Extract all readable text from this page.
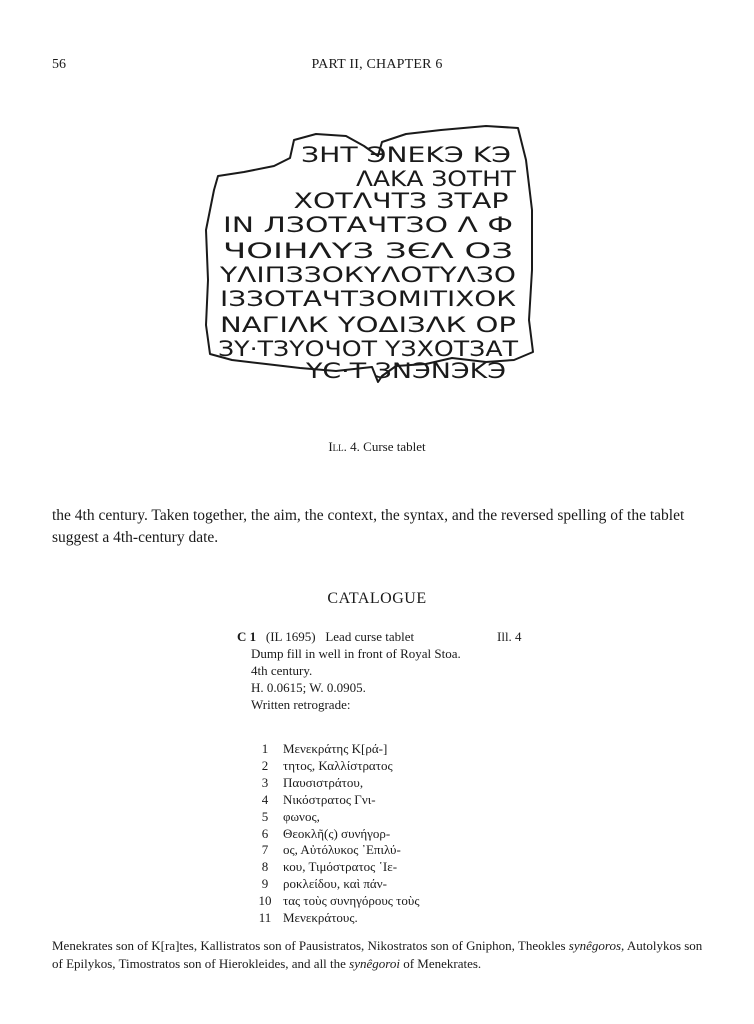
56	PART II, CHAPTER 6
ЗНТ ЭNEKЭ KЭ
ΛΑΚΑ ЗОТНТ
ХОТΛЧТЗ ЗТАР
ІN ЛЗОТАЧТЗО Λ Ф
ЧОІНΛΥЗ ЗЄΛ ОЗ
ΥΛΙΠЗЗОКΥΛОТΥΛЗО
ІЗЗОТАЧТЗОМІТІΧОК
NAГІΛК ΥОΔІЗΛК ОР
ЗΥ·ТЗΥОЧОТ ΥЗΧОТЗАТ
ΥС·Т ЗNЭNЭKЭ
Ill. 4. Curse tablet
the 4th century. Taken together, the aim, the context, the syntax, and the reversed spelling of the tablet suggest a 4th-century date.
CATALOGUE
C 1 (IL 1695) Lead curse tablet	Ill. 4
Dump fill in well in front of Royal Stoa.
4th century.
H. 0.0615; W. 0.0905.
Written retrograde:
1 Μενεκράτης Κ[ρά-]
2 τητος, Καλλίστρατος
3 Παυσιστράτου,
4 Νικόστρατος Γνι-
5 φωνος,
6 Θεοκλῆ(ς) συνήγορ-
7 ος, Αὐτόλυκος ᾿Επιλύ-
8 κου, Τιμόστρατος ῾Ιε-
9 ροκλείδου, καὶ πάν-
10 τας τοὺς συνηγόρους τοὺς
11 Μενεκράτους.
Menekrates son of K[ra]tes, Kallistratos son of Pausistratos, Nikostratos son of Gniphon, Theokles synêgoros, Autolykos son of Epilykos, Timostratos son of Hierokleides, and all the synêgoroi of Menekrates.
